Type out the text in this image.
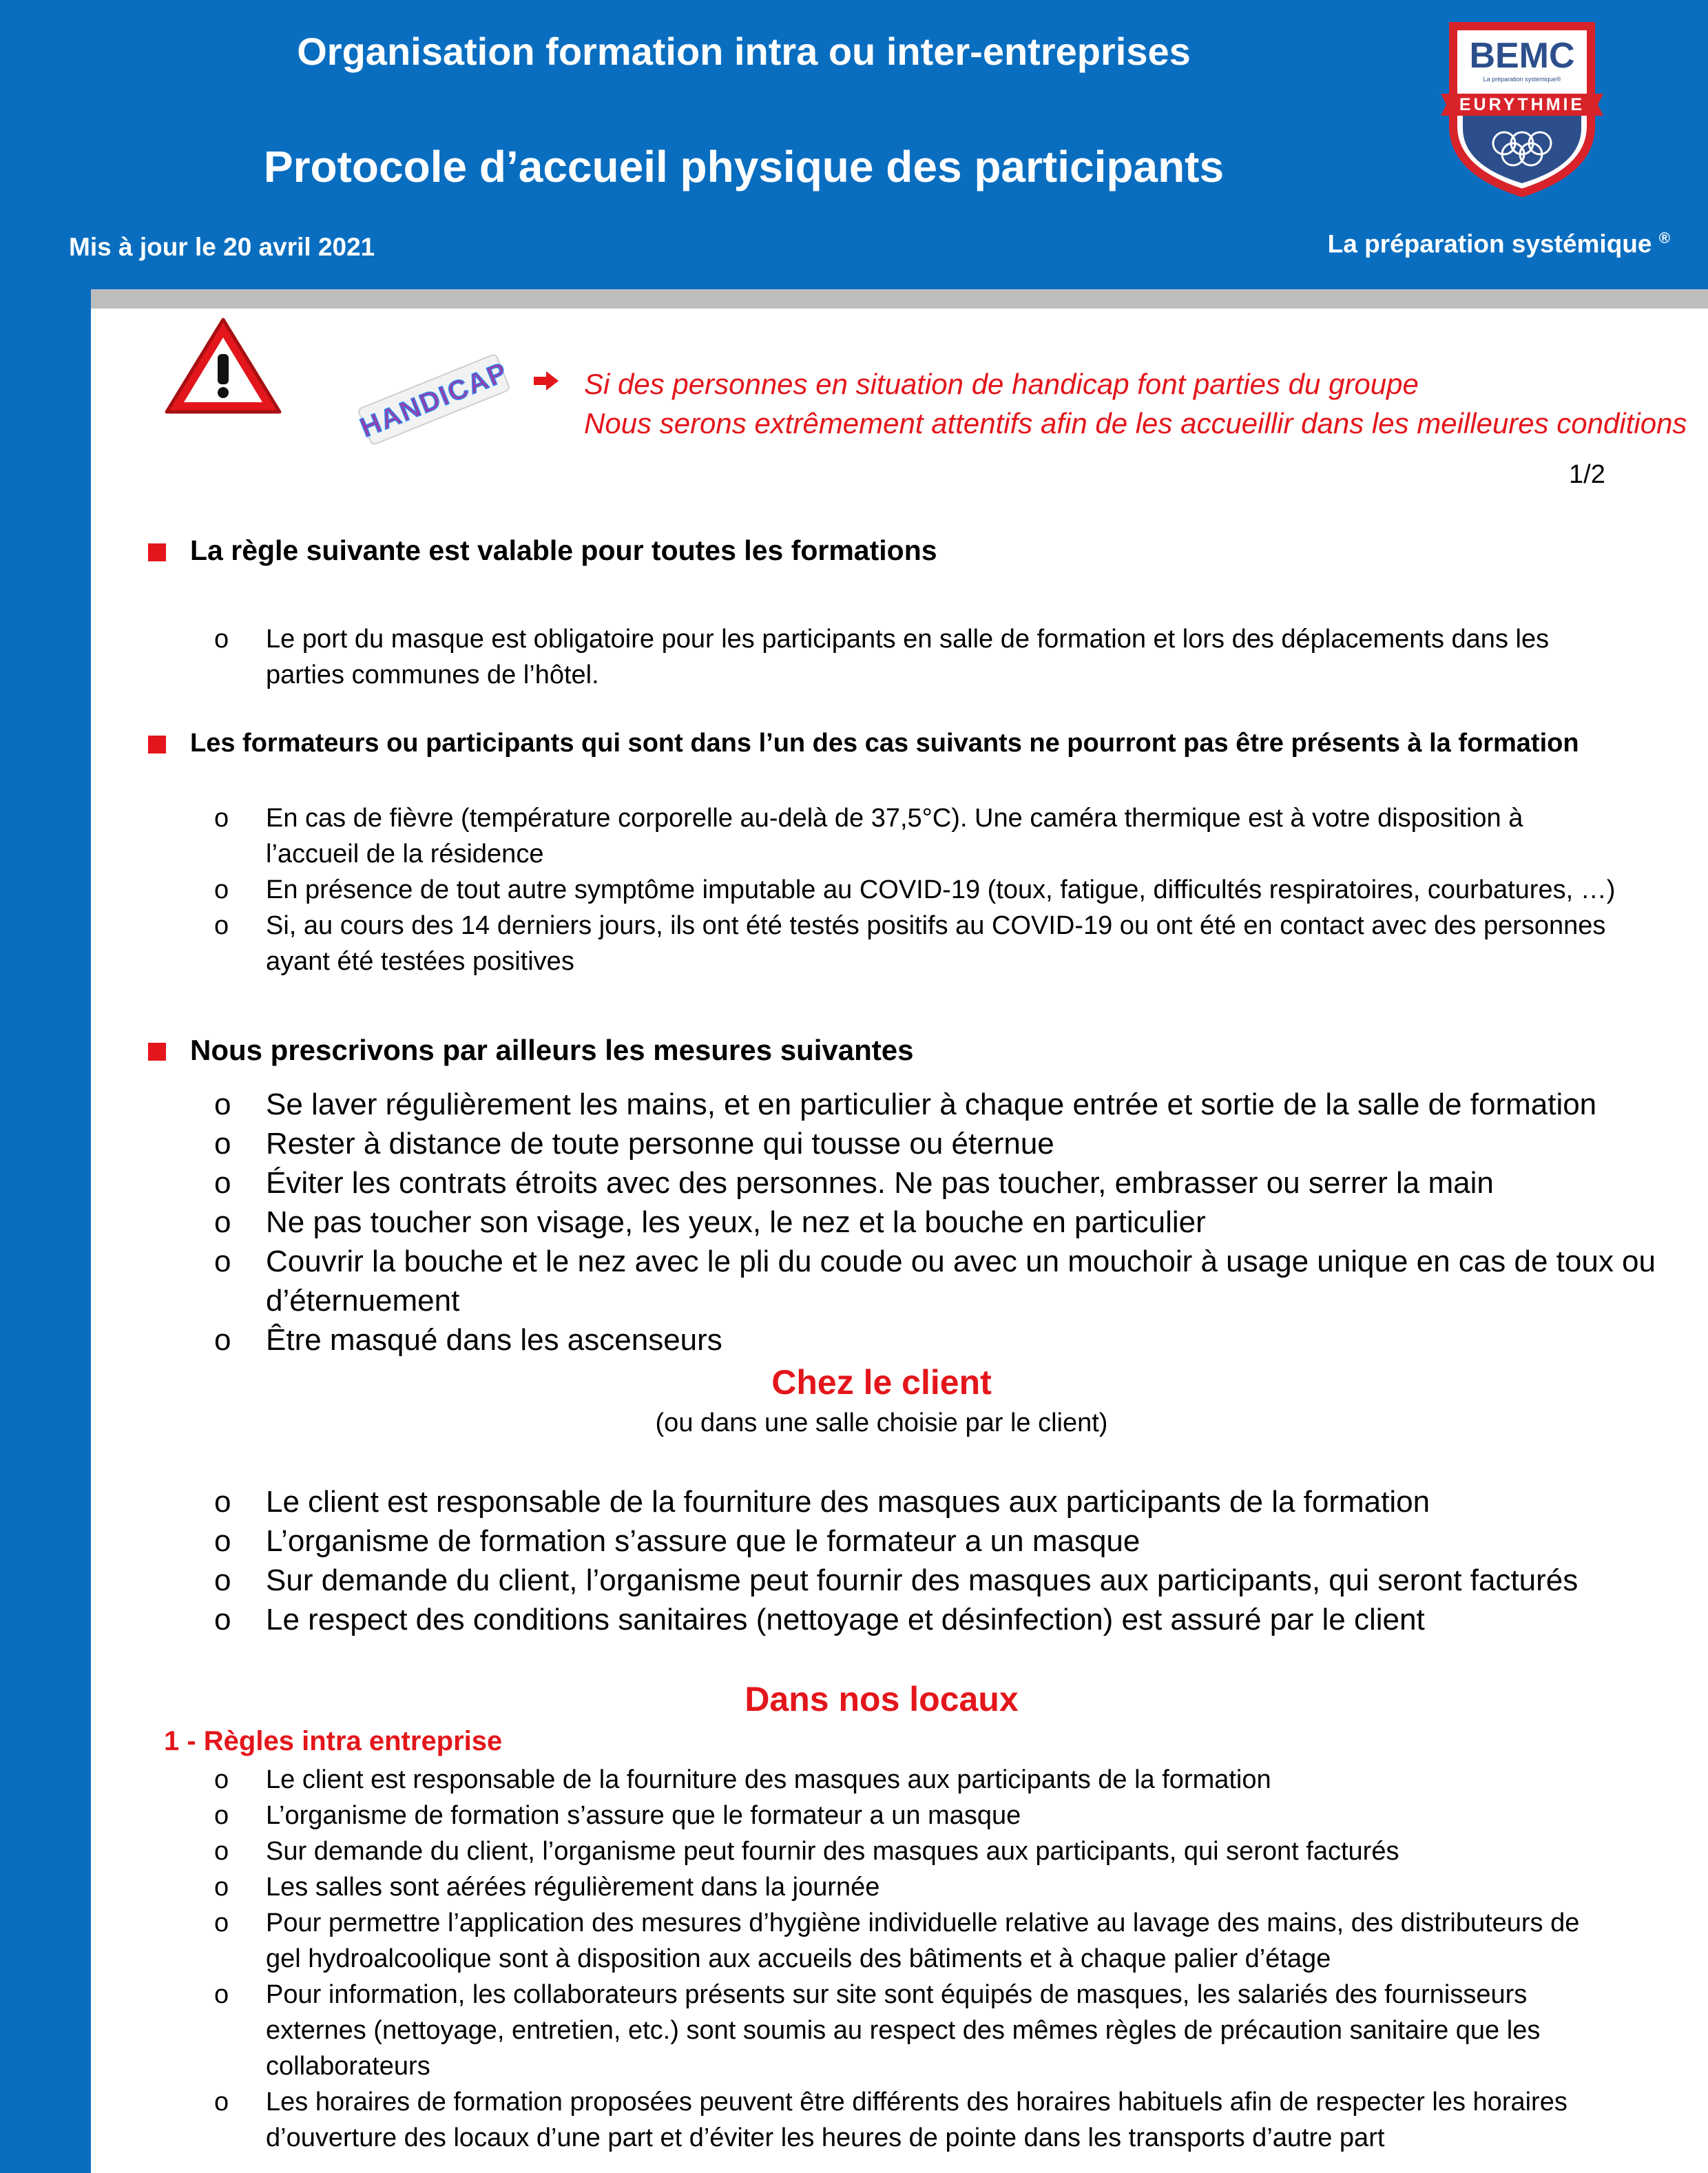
Organisation formation intra ou inter-entreprises
Protocole d’accueil physique des participants
Mis à jour le 20 avril 2021	La préparation systémique ®
BEMC
La préparation systémique®
EURYTHMIE
HANDICAP Si des personnes en situation de handicap font parties du groupe
Nous serons extrêmement attentifs afin de les accueillir dans les meilleures conditions
1/2
La règle suivante est valable pour toutes les formations
o Le port du masque est obligatoire pour les participants en salle de formation et lors des déplacements dans les
parties communes de l’hôtel.
Les formateurs ou participants qui sont dans l’un des cas suivants ne pourront pas être présents à la formation
o En cas de fièvre (température corporelle au-delà de 37,5°C). Une caméra thermique est à votre disposition à
l’accueil de la résidence
o En présence de tout autre symptôme imputable au COVID-19 (toux, fatigue, difficultés respiratoires, courbatures, …)
o Si, au cours des 14 derniers jours, ils ont été testés positifs au COVID-19 ou ont été en contact avec des personnes
ayant été testées positives
Nous prescrivons par ailleurs les mesures suivantes
o Se laver régulièrement les mains, et en particulier à chaque entrée et sortie de la salle de formation
o Rester à distance de toute personne qui tousse ou éternue
o Éviter les contrats étroits avec des personnes. Ne pas toucher, embrasser ou serrer la main
o Ne pas toucher son visage, les yeux, le nez et la bouche en particulier
o Couvrir la bouche et le nez avec le pli du coude ou avec un mouchoir à usage unique en cas de toux ou
d’éternuement
o Être masqué dans les ascenseurs
Chez le client
(ou dans une salle choisie par le client)
o Le client est responsable de la fourniture des masques aux participants de la formation
o L’organisme de formation s’assure que le formateur a un masque
o Sur demande du client, l’organisme peut fournir des masques aux participants, qui seront facturés
o Le respect des conditions sanitaires (nettoyage et désinfection) est assuré par le client
Dans nos locaux
1 - Règles intra entreprise
o Le client est responsable de la fourniture des masques aux participants de la formation
o L’organisme de formation s’assure que le formateur a un masque
o Sur demande du client, l’organisme peut fournir des masques aux participants, qui seront facturés
o Les salles sont aérées régulièrement dans la journée
o Pour permettre l’application des mesures d’hygiène individuelle relative au lavage des mains, des distributeurs de
gel hydroalcoolique sont à disposition aux accueils des bâtiments et à chaque palier d’étage
o Pour information, les collaborateurs présents sur site sont équipés de masques, les salariés des fournisseurs
externes (nettoyage, entretien, etc.) sont soumis au respect des mêmes règles de précaution sanitaire que les
collaborateurs
o Les horaires de formation proposées peuvent être différents des horaires habituels afin de respecter les horaires
d’ouverture des locaux d’une part et d’éviter les heures de pointe dans les transports d’autre part
